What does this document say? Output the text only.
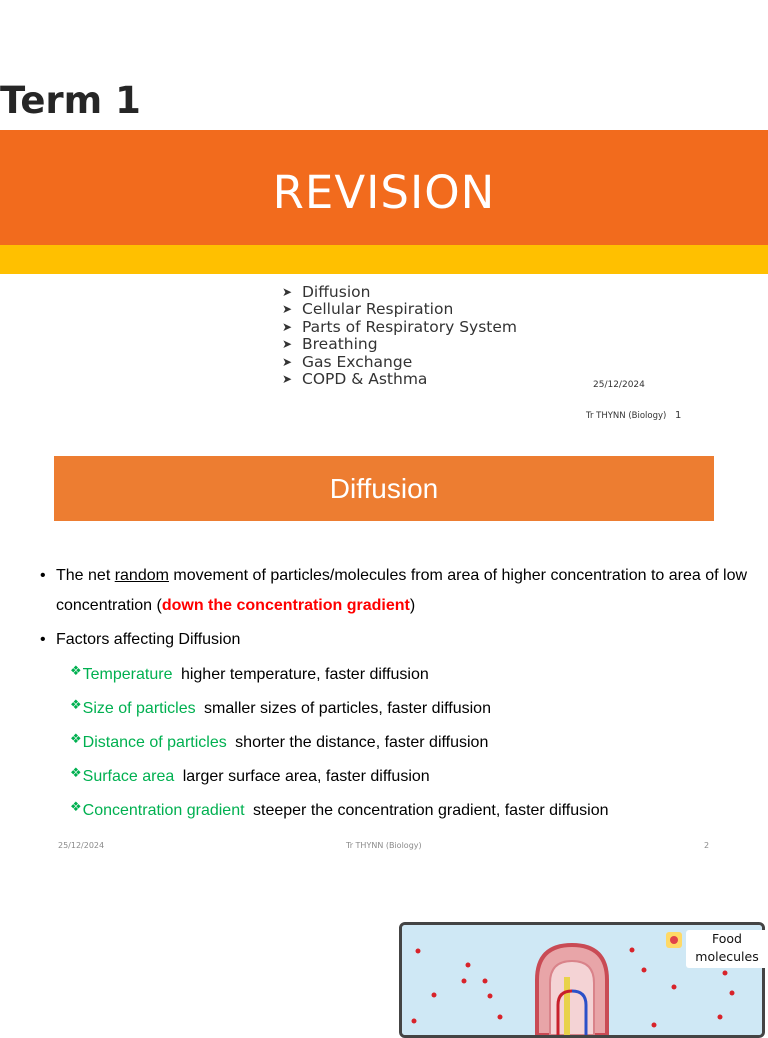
Term 1
REVISION
➤ Diffusion
➤ Cellular Respiration
➤ Parts of Respiratory System
➤ Breathing
➤ Gas Exchange
➤ COPD & Asthma	25/12/2024
Tr THYNN (Biology) 1
Diffusion
• The net random movement of particles/molecules from area of higher concentration to area of low concentration (down the concentration gradient)
• Factors affecting Diffusion
❖Temperature higher temperature, faster diffusion
❖Size of particles smaller sizes of particles, faster diffusion
❖Distance of particles shorter the distance, faster diffusion
❖Surface area larger surface area, faster diffusion
❖Concentration gradient steeper the concentration gradient, faster diffusion
25/12/2024	Tr THYNN (Biology)	2
Food molecules
